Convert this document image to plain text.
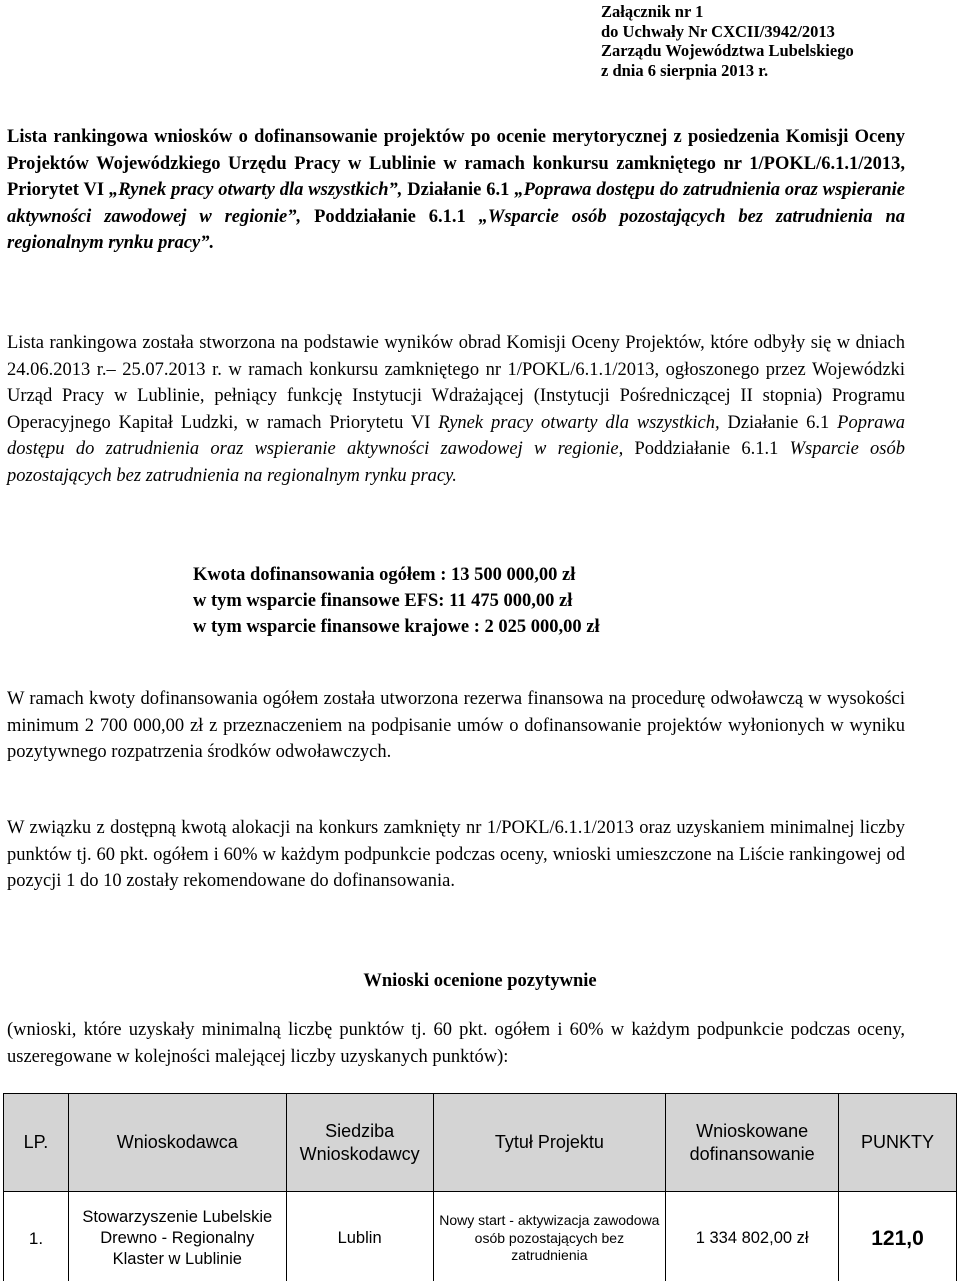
Załącznik nr 1
do Uchwały Nr CXCII/3942/2013
Zarządu Województwa Lubelskiego
z dnia 6 sierpnia 2013 r.
Lista rankingowa wniosków o dofinansowanie projektów po ocenie merytorycznej z posiedzenia Komisji Oceny Projektów Wojewódzkiego Urzędu Pracy w Lublinie w ramach konkursu zamkniętego nr 1/POKL/6.1.1/2013, Priorytet VI „Rynek pracy otwarty dla wszystkich”, Działanie 6.1 „Poprawa dostępu do zatrudnienia oraz wspieranie aktywności zawodowej w regionie”, Poddziałanie 6.1.1 „Wsparcie osób pozostających bez zatrudnienia na regionalnym rynku pracy”.
Lista rankingowa została stworzona na podstawie wyników obrad Komisji Oceny Projektów, które odbyły się w dniach 24.06.2013 r.– 25.07.2013 r. w ramach konkursu zamkniętego nr 1/POKL/6.1.1/2013, ogłoszonego przez Wojewódzki Urząd Pracy w Lublinie, pełniący funkcję Instytucji Wdrażającej (Instytucji Pośredniczącej II stopnia) Programu Operacyjnego Kapitał Ludzki, w ramach Priorytetu VI Rynek pracy otwarty dla wszystkich, Działanie 6.1 Poprawa dostępu do zatrudnienia oraz wspieranie aktywności zawodowej w regionie, Poddziałanie 6.1.1 Wsparcie osób pozostających bez zatrudnienia na regionalnym rynku pracy.
Kwota dofinansowania ogółem : 13 500 000,00 zł
w tym wsparcie finansowe EFS: 11 475 000,00 zł
w tym wsparcie finansowe krajowe : 2 025 000,00 zł
W ramach kwoty dofinansowania ogółem została utworzona rezerwa finansowa na procedurę odwoławczą w wysokości minimum 2 700 000,00 zł z przeznaczeniem na podpisanie umów o dofinansowanie projektów wyłonionych w wyniku pozytywnego rozpatrzenia środków odwoławczych.
W związku z dostępną kwotą alokacji na konkurs zamknięty nr 1/POKL/6.1.1/2013 oraz uzyskaniem minimalnej liczby punktów tj. 60 pkt. ogółem i 60% w każdym podpunkcie podczas oceny, wnioski umieszczone na Liście rankingowej od pozycji 1 do 10 zostały rekomendowane do dofinansowania.
Wnioski ocenione pozytywnie
(wnioski, które uzyskały minimalną liczbę punktów tj. 60 pkt. ogółem i 60% w każdym podpunkcie podczas oceny, uszeregowane w kolejności malejącej liczby uzyskanych punktów):
LP.	Wnioskodawca	Siedziba Wnioskodawcy	Tytuł Projektu	Wnioskowane dofinansowanie	PUNKTY
1.	Stowarzyszenie Lubelskie Drewno - Regionalny Klaster w Lublinie	Lublin	Nowy start - aktywizacja zawodowa osób pozostających bez zatrudnienia	1 334 802,00 zł	121,0
